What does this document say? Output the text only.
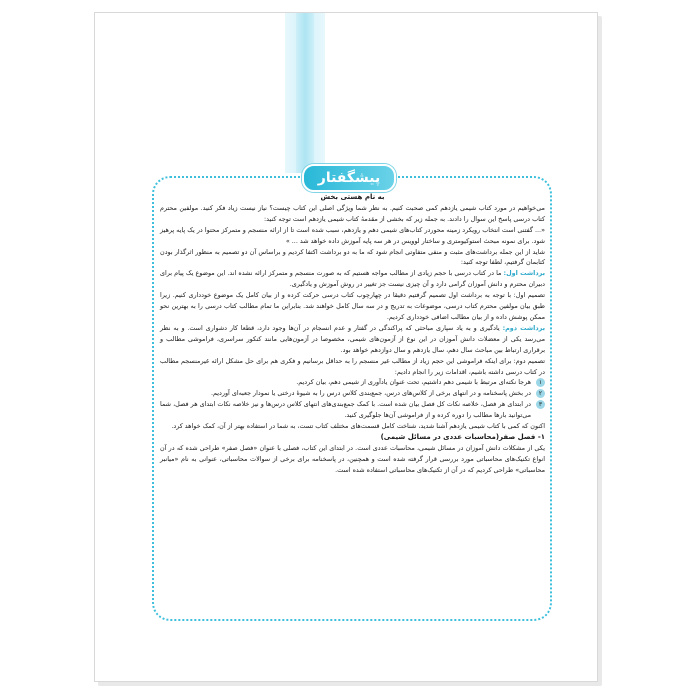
پیشگفتار

به نام هستی بخش

می‌خواهیم در مورد کتاب شیمی یازدهم کمی صحبت کنیم. به نظر شما ویژگی اصلی این کتاب چیست؟ نیاز نیست زیاد فکر کنید. مولفین محترم کتاب درسی پاسخ این سوال را دادند. به جمله زیر که بخشی از مقدمهٔ کتاب شیمی یازدهم است توجه کنید:

«... گفتنی است انتخاب رویکرد زمینه محوردر کتاب‌های شیمی دهم و یازدهم، سبب شده است تا از ارائه منسجم و متمرکز محتوا در یک پایه پرهیز شود. برای نمونه مبحث استوکیومتری و ساختار لوویس در هر سه پایه آموزش داده خواهد شد ... »

شاید از این جمله برداشت‌های مثبت و منفی متفاوتی انجام شود که ما به دو برداشت اکتفا کردیم و براساس آن دو تصمیم به منظور اثرگذار بودن کتابمان گرفتیم، لطفا توجه کنید:

برداشت اول: ما در کتاب درسی با حجم زیادی از مطالب مواجه هستیم که به صورت منسجم و متمرکز ارائه نشده اند. این موضوع یک پیام برای دبیران محترم و دانش آموزان گرامی دارد و آن چیزی نیست جز تغییر در روش آموزش و یادگیری.

تصمیم اول: با توجه به برداشت اول تصمیم گرفتیم دقیقا در چهارچوب کتاب درسی حرکت کرده و از بیان کامل یک موضوع خودداری کنیم. زیرا طبق بیان مولفین محترم کتاب درسی، موضوعات به تدریج و در سه سال کامل خواهند شد. بنابراین ما تمام مطالب کتاب درسی را به بهترین نحو ممکن پوشش داده و از بیان مطالب اضافی خودداری کردیم.

برداشت دوم: یادگیری و به یاد سپاری مباحثی که پراکندگی در گفتار و عدم انسجام در آن‌ها وجود دارد، قطعا کار دشواری است. و به نظر می‌رسد یکی از معضلات دانش آموزان در این نوع از آزمون‌های شیمی، مخصوصا در آزمون‌هایی مانند کنکور سراسری، فراموشی مطالب و برقراری ارتباط بین مباحث سال دهم، سال یازدهم و سال دوازدهم خواهد بود.

تصمیم دوم: برای اینکه فراموشی این حجم زیاد از مطالب غیر منسجم را به حداقل برسانیم و فکری هم برای حل مشکل ارائه غیرمنسجم مطالب در کتاب درسی داشته باشیم، اقدامات زیر را انجام دادیم:

۱
هرجا نکته‌ای مرتبط با شیمی دهم داشتیم، تحت عنوان یادآوری از شیمی دهم، بیان کردیم.

۲
در بخش پاسخنامه و در انتهای برخی از کلاس‌های درس، جمع‌بندی کلاس درس را به شیوهٔ درختی یا نمودار جعبه‌ای آوردیم.

۳
در ابتدای هر فصل، خلاصه نکات کل فصل بیان شده است. با کمک جمع‌بندی‌های انتهای کلاس درس‌ها و نیز خلاصه نکات ابتدای هر فصل، شما می‌توانید بارها مطالب را دوره کرده و از فراموشی آن‌ها جلوگیری کنید.

اکنون که کمی با کتاب شیمی یازدهم آشنا شدید، شناخت کامل قسمت‌های مختلف کتاب تست، به شما در استفاده بهتر از آن، کمک خواهد کرد.

۱- فصل صفر(محاسبات عددی در مسائل شیمی)

یکی از مشکلات دانش آموزان در مسائل شیمی، محاسبات عددی است. در ابتدای این کتاب، فصلی با عنوان «فصل صفر» طراحی شده که در آن انواع تکنیک‌های محاسباتی مورد بررسی قرار گرفته شده است و همچنین، در پاسخنامه برای برخی از سوالات محاسباتی، عنوانی به نام «میانبر محاسباتی» طراحی کردیم که در آن از تکنیک‌های محاسباتی استفاده شده است.
